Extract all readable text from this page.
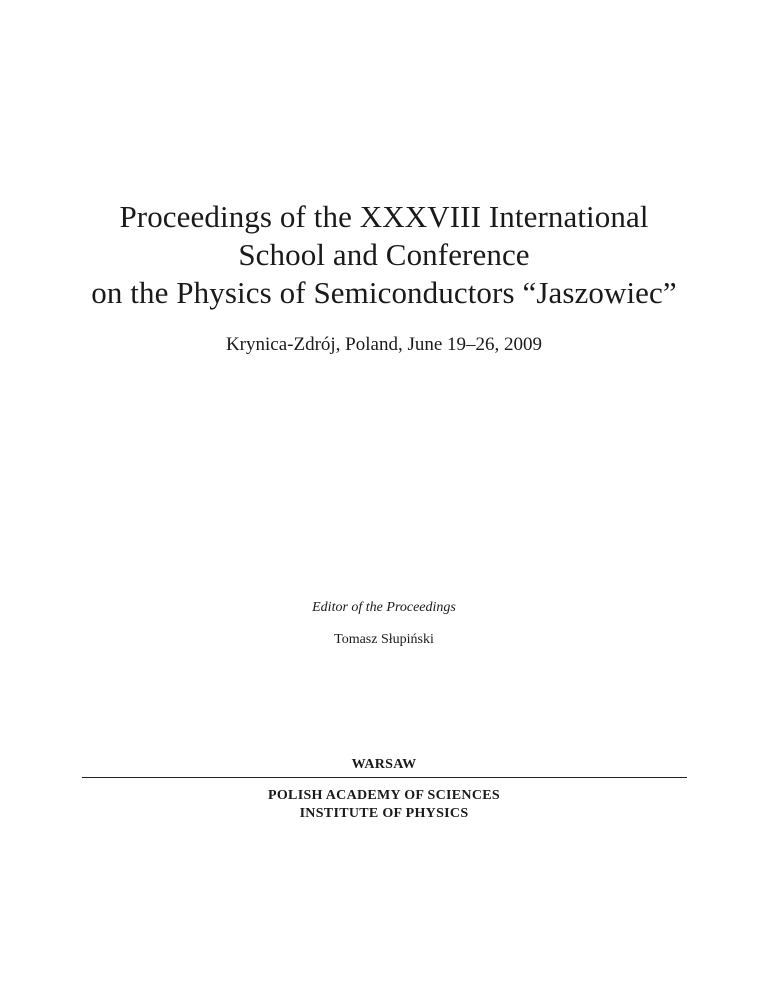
Proceedings of the XXXVIII International
School and Conference
on the Physics of Semiconductors “Jaszowiec”
Krynica-Zdrój, Poland, June 19–26, 2009
Editor of the Proceedings
Tomasz Słupiński
WARSAW
POLISH ACADEMY OF SCIENCES
INSTITUTE OF PHYSICS
